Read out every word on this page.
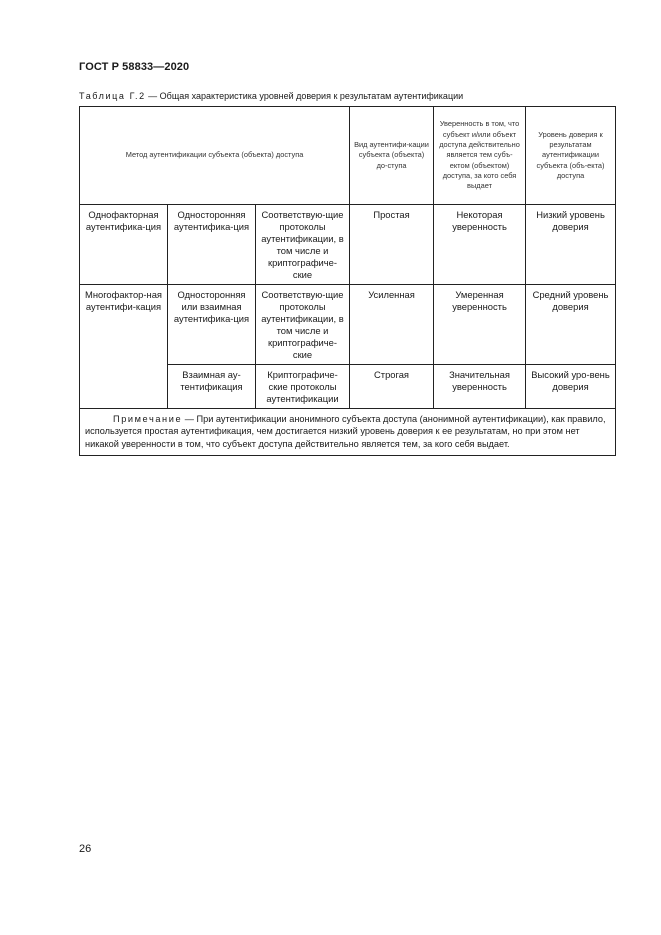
ГОСТ Р 58833—2020
Таблица Г.2 — Общая характеристика уровней доверия к результатам аутентификации
Метод аутентификации субъекта (объекта) доступа			Вид аутентифи-кации субъекта (объекта) до-ступа	Уверенность в том, что субъект и/или объект доступа действительно является тем субъ-ектом (объектом) доступа, за кото себя выдает	Уровень доверия к результатам аутентификации субъекта (объ-екта) доступа
Однофакторная аутентифика-ция	Односторонняя аутентифика-ция	Соответствую-щие протоколы аутентификации, в том числе и криптографиче-ские	Простая	Некоторая уверенность	Низкий уровень доверия
Многофактор-ная аутентифи-кация	Односторонняя или взаимная аутентифика-ция	Соответствую-щие протоколы аутентификации, в том числе и криптографиче-ские	Усиленная	Умеренная уверенность	Средний уровень доверия
	Взаимная ау-тентификация	Криптографиче-ские протоколы аутентификации	Строгая	Значительная уверенность	Высокий уро-вень доверия
Примечание — При аутентификации анонимного субъекта доступа (анонимной аутентификации), как правило, используется простая аутентификация, чем достигается низкий уровень доверия к ее результатам, но при этом нет никакой уверенности в том, что субъект доступа действительно является тем, за кого себя выдает.					
26
